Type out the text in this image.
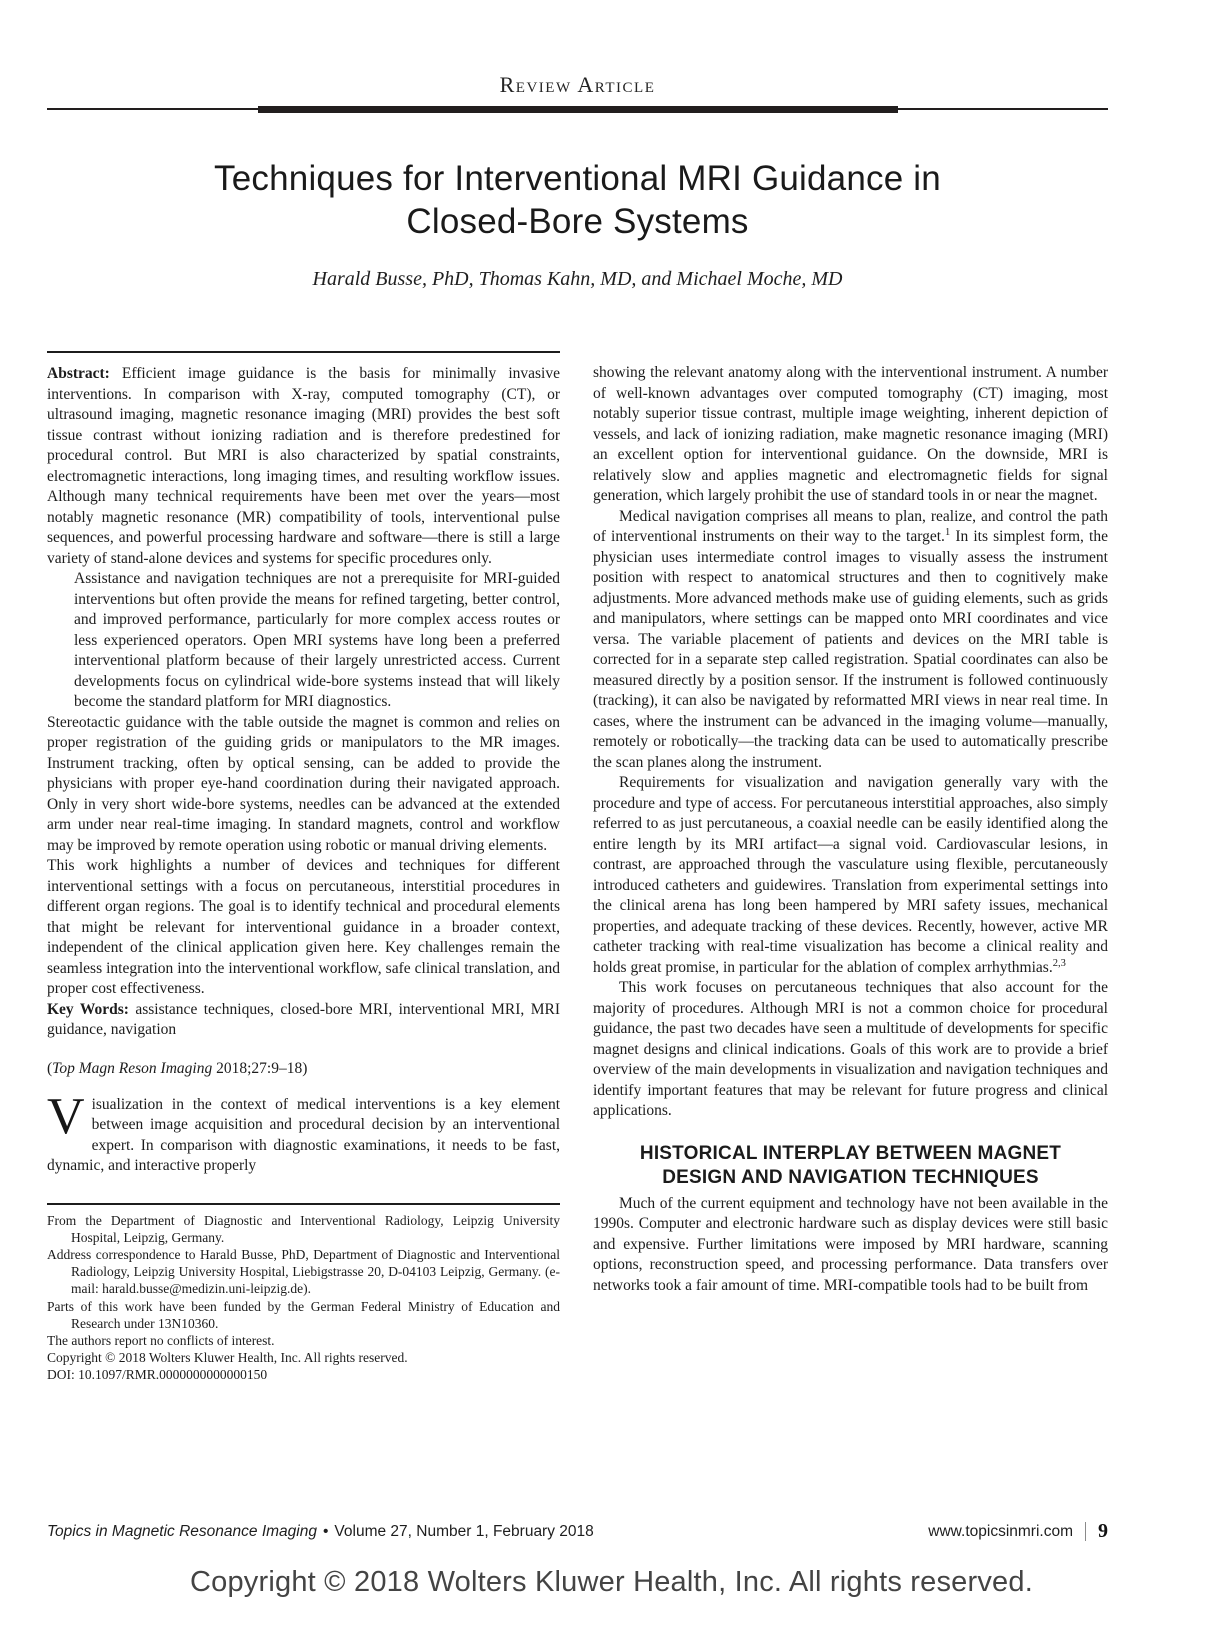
Review Article
Techniques for Interventional MRI Guidance in
Closed-Bore Systems
Harald Busse, PhD, Thomas Kahn, MD, and Michael Moche, MD

Abstract: Efficient image guidance is the basis for minimally invasive interventions. In comparison with X-ray, computed tomography (CT), or ultrasound imaging, magnetic resonance imaging (MRI) provides the best soft tissue contrast without ionizing radiation and is therefore predestined for procedural control. But MRI is also characterized by spatial constraints, electromagnetic interactions, long imaging times, and resulting workflow issues. Although many technical requirements have been met over the years—most notably magnetic resonance (MR) compatibility of tools, interventional pulse sequences, and powerful processing hardware and software—there is still a large variety of stand-alone devices and systems for specific procedures only.

Assistance and navigation techniques are not a prerequisite for MRI-guided interventions but often provide the means for refined targeting, better control, and improved performance, particularly for more complex access routes or less experienced operators. Open MRI systems have long been a preferred interventional platform because of their largely unrestricted access. Current developments focus on cylindrical wide-bore systems instead that will likely become the standard platform for MRI diagnostics.

Stereotactic guidance with the table outside the magnet is common and relies on proper registration of the guiding grids or manipulators to the MR images. Instrument tracking, often by optical sensing, can be added to provide the physicians with proper eye-hand coordination during their navigated approach. Only in very short wide-bore systems, needles can be advanced at the extended arm under near real-time imaging. In standard magnets, control and workflow may be improved by remote operation using robotic or manual driving elements.

This work highlights a number of devices and techniques for different interventional settings with a focus on percutaneous, interstitial procedures in different organ regions. The goal is to identify technical and procedural elements that might be relevant for interventional guidance in a broader context, independent of the clinical application given here. Key challenges remain the seamless integration into the interventional workflow, safe clinical translation, and proper cost effectiveness.

Key Words: assistance techniques, closed-bore MRI, interventional MRI, MRI guidance, navigation

(Top Magn Reson Imaging 2018;27:9–18)

Visualization in the context of medical interventions is a key element between image acquisition and procedural decision by an interventional expert. In comparison with diagnostic examinations, it needs to be fast, dynamic, and interactive properly

From the Department of Diagnostic and Interventional Radiology, Leipzig University Hospital, Leipzig, Germany.

Address correspondence to Harald Busse, PhD, Department of Diagnostic and Interventional Radiology, Leipzig University Hospital, Liebigstrasse 20, D-04103 Leipzig, Germany. (e-mail: harald.busse@medizin.uni-leipzig.de).

Parts of this work have been funded by the German Federal Ministry of Education and Research under 13N10360.

The authors report no conflicts of interest.

Copyright © 2018 Wolters Kluwer Health, Inc. All rights reserved.

DOI: 10.1097/RMR.0000000000000150

showing the relevant anatomy along with the interventional instrument. A number of well-known advantages over computed tomography (CT) imaging, most notably superior tissue contrast, multiple image weighting, inherent depiction of vessels, and lack of ionizing radiation, make magnetic resonance imaging (MRI) an excellent option for interventional guidance. On the downside, MRI is relatively slow and applies magnetic and electromagnetic fields for signal generation, which largely prohibit the use of standard tools in or near the magnet.

Medical navigation comprises all means to plan, realize, and control the path of interventional instruments on their way to the target.$^1$ In its simplest form, the physician uses intermediate control images to visually assess the instrument position with respect to anatomical structures and then to cognitively make adjustments. More advanced methods make use of guiding elements, such as grids and manipulators, where settings can be mapped onto MRI coordinates and vice versa. The variable placement of patients and devices on the MRI table is corrected for in a separate step called registration. Spatial coordinates can also be measured directly by a position sensor. If the instrument is followed continuously (tracking), it can also be navigated by reformatted MRI views in near real time. In cases, where the instrument can be advanced in the imaging volume—manually, remotely or robotically—the tracking data can be used to automatically prescribe the scan planes along the instrument.

Requirements for visualization and navigation generally vary with the procedure and type of access. For percutaneous interstitial approaches, also simply referred to as just percutaneous, a coaxial needle can be easily identified along the entire length by its MRI artifact—a signal void. Cardiovascular lesions, in contrast, are approached through the vasculature using flexible, percutaneously introduced catheters and guidewires. Translation from experimental settings into the clinical arena has long been hampered by MRI safety issues, mechanical properties, and adequate tracking of these devices. Recently, however, active MR catheter tracking with real-time visualization has become a clinical reality and holds great promise, in particular for the ablation of complex arrhythmias.$^{2,3}$

This work focuses on percutaneous techniques that also account for the majority of procedures. Although MRI is not a common choice for procedural guidance, the past two decades have seen a multitude of developments for specific magnet designs and clinical indications. Goals of this work are to provide a brief overview of the main developments in visualization and navigation techniques and identify important features that may be relevant for future progress and clinical applications.

HISTORICAL INTERPLAY BETWEEN MAGNET
DESIGN AND NAVIGATION TECHNIQUES

Much of the current equipment and technology have not been available in the 1990s. Computer and electronic hardware such as display devices were still basic and expensive. Further limitations were imposed by MRI hardware, scanning options, reconstruction speed, and processing performance. Data transfers over networks took a fair amount of time. MRI-compatible tools had to be built from

Topics in Magnetic Resonance Imaging • Volume 27, Number 1, February 2018	www.topicsinmri.com 9
Copyright © 2018 Wolters Kluwer Health, Inc. All rights reserved.
